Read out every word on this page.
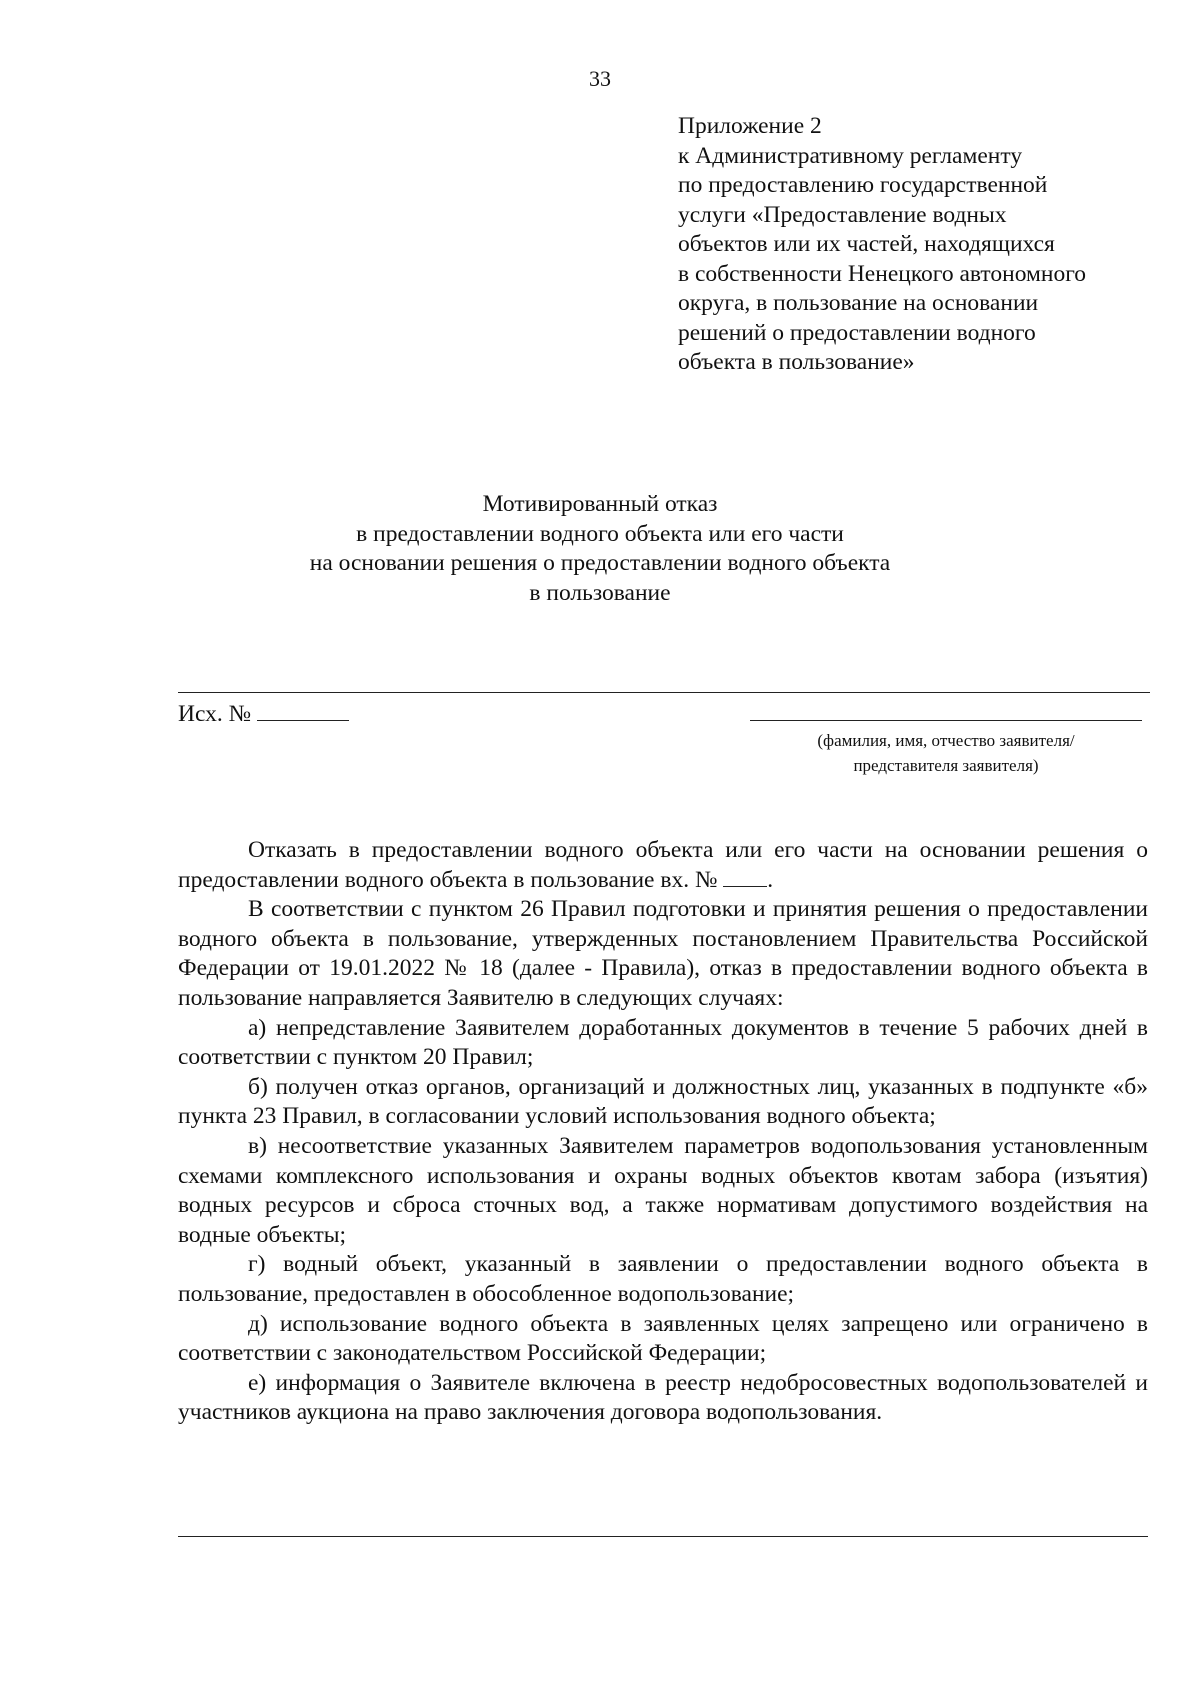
33
Приложение 2
к Административному регламенту
по предоставлению государственной
услуги «Предоставление водных
объектов или их частей, находящихся
в собственности Ненецкого автономного
округа, в пользование на основании
решений о предоставлении водного
объекта в пользование»
Мотивированный отказ
в предоставлении водного объекта или его части
на основании решения о предоставлении водного объекта
в пользование
Исх. №
(фамилия, имя, отчество заявителя/
представителя заявителя)

Отказать в предоставлении водного объекта или его части на основании решения о предоставлении водного объекта в пользование вх. № .

В соответствии с пунктом 26 Правил подготовки и принятия решения о предоставлении водного объекта в пользование, утвержденных постановлением Правительства Российской Федерации от 19.01.2022 № 18 (далее - Правила), отказ в предоставлении водного объекта в пользование направляется Заявителю в следующих случаях:

а) непредставление Заявителем доработанных документов в течение 5 рабочих дней в соответствии с пунктом 20 Правил;

б) получен отказ органов, организаций и должностных лиц, указанных в подпункте «б» пункта 23 Правил, в согласовании условий использования водного объекта;

в) несоответствие указанных Заявителем параметров водопользования установленным схемами комплексного использования и охраны водных объектов квотам забора (изъятия) водных ресурсов и сброса сточных вод, а также нормативам допустимого воздействия на водные объекты;

г) водный объект, указанный в заявлении о предоставлении водного объекта в пользование, предоставлен в обособленное водопользование;

д) использование водного объекта в заявленных целях запрещено или ограничено в соответствии с законодательством Российской Федерации;

е) информация о Заявителе включена в реестр недобросовестных водопользователей и участников аукциона на право заключения договора водопользования.
